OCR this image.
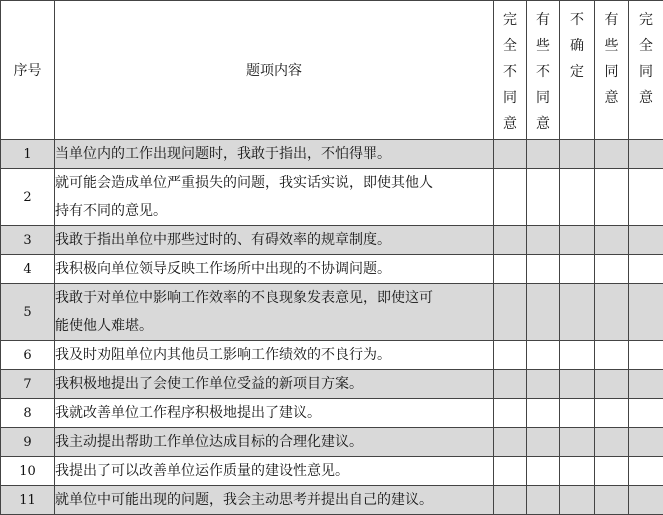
序号	题项内容	完
全
不
同
意	有
些
不
同
意	不
确
定	有
些
同
意	完
全
同
意

1	当单位内的工作出现问题时，我敢于指出，不怕得罪。					

2	就可能会造成单位严重损失的问题，我实话实说，即使其他人
持有不同的意见。					

3	我敢于指出单位中那些过时的、有碍效率的规章制度。					

4	我积极向单位领导反映工作场所中出现的不协调问题。					

5	我敢于对单位中影响工作效率的不良现象发表意见，即使这可
能使他人难堪。					

6	我及时劝阻单位内其他员工影响工作绩效的不良行为。					

7	我积极地提出了会使工作单位受益的新项目方案。					

8	我就改善单位工作程序积极地提出了建议。					

9	我主动提出帮助工作单位达成目标的合理化建议。					

10	我提出了可以改善单位运作质量的建设性意见。					

11	就单位中可能出现的问题，我会主动思考并提出自己的建议。					
